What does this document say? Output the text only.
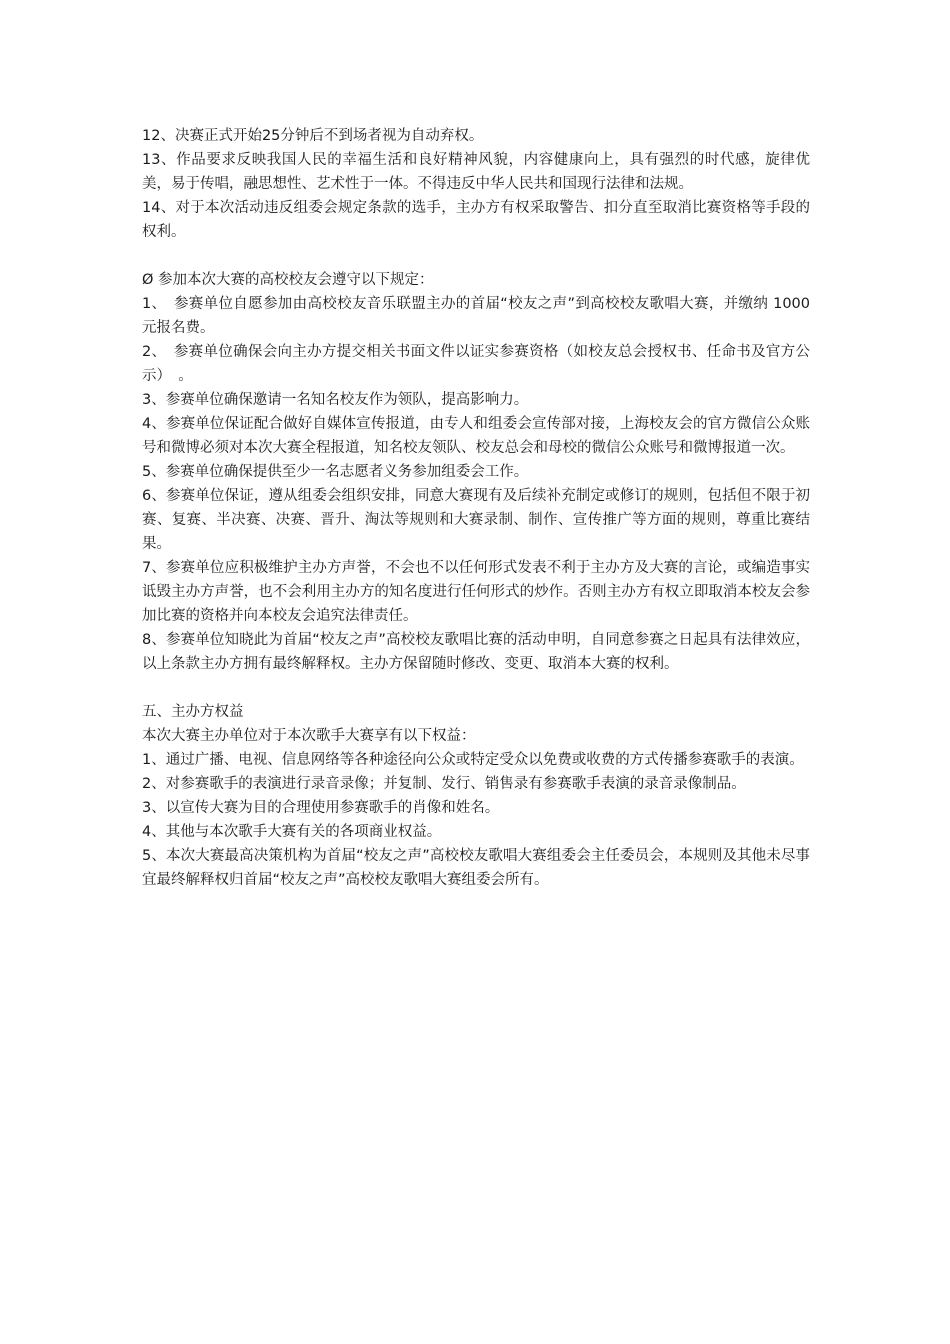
12、决赛正式开始25分钟后不到场者视为自动弃权。

13、作品要求反映我国人民的幸福生活和良好精神风貌，内容健康向上，具有强烈的时代感，旋律优美，易于传唱，融思想性、艺术性于一体。不得违反中华人民共和国现行法律和法规。

14、对于本次活动违反组委会规定条款的选手，主办方有权采取警告、扣分直至取消比赛资格等手段的权利。

Ø 参加本次大赛的高校校友会遵守以下规定：

1、　参赛单位自愿参加由高校校友音乐联盟主办的首届“校友之声”到高校校友歌唱大赛，并缴纳 1000 元报名费。

2、　参赛单位确保会向主办方提交相关书面文件以证实参赛资格（如校友总会授权书、任命书及官方公示）　。

3、参赛单位确保邀请一名知名校友作为领队，提高影响力。

4、参赛单位保证配合做好自媒体宣传报道，由专人和组委会宣传部对接，上海校友会的官方微信公众账号和微博必须对本次大赛全程报道，知名校友领队、校友总会和母校的微信公众账号和微博报道一次。

5、参赛单位确保提供至少一名志愿者义务参加组委会工作。

6、参赛单位保证，遵从组委会组织安排，同意大赛现有及后续补充制定或修订的规则，包括但不限于初赛、复赛、半决赛、决赛、晋升、淘汰等规则和大赛录制、制作、宣传推广等方面的规则，尊重比赛结果。

7、参赛单位应积极维护主办方声誉，不会也不以任何形式发表不利于主办方及大赛的言论，或编造事实诋毁主办方声誉，也不会利用主办方的知名度进行任何形式的炒作。否则主办方有权立即取消本校友会参加比赛的资格并向本校友会追究法律责任。

8、参赛单位知晓此为首届“校友之声”高校校友歌唱比赛的活动申明，自同意参赛之日起具有法律效应，以上条款主办方拥有最终解释权。主办方保留随时修改、变更、取消本大赛的权利。

五、主办方权益

本次大赛主办单位对于本次歌手大赛享有以下权益：

1、通过广播、电视、信息网络等各种途径向公众或特定受众以免费或收费的方式传播参赛歌手的表演。

2、对参赛歌手的表演进行录音录像；并复制、发行、销售录有参赛歌手表演的录音录像制品。

3、以宣传大赛为目的合理使用参赛歌手的肖像和姓名。

4、其他与本次歌手大赛有关的各项商业权益。

5、本次大赛最高决策机构为首届“校友之声”高校校友歌唱大赛组委会主任委员会，本规则及其他未尽事宜最终解释权归首届“校友之声”高校校友歌唱大赛组委会所有。
